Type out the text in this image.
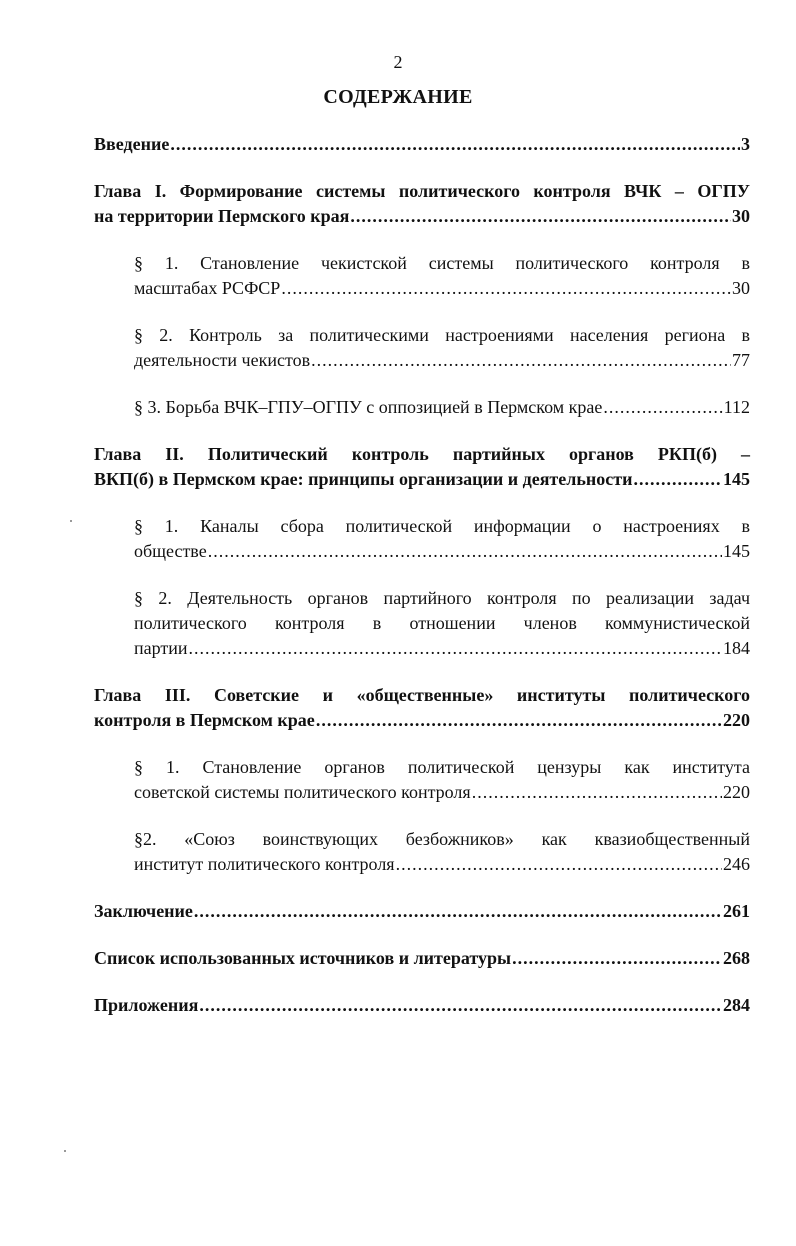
2
СОДЕРЖАНИЕ
Введение .....	3
Глава I. Формирование системы политического контроля ВЧК – ОГПУ
на территории Пермского края .....	30
§ 1. Становление чекистской системы политического контроля в
масштабах РСФСР .....	30
§ 2. Контроль за политическими настроениями населения региона в
деятельности чекистов .....	77
§ 3. Борьба ВЧК–ГПУ–ОГПУ с оппозицией в Пермском крае .....	112
Глава II. Политический контроль партийных органов РКП(б) –
ВКП(б) в Пермском крае: принципы организации и деятельности .....	145
§ 1. Каналы сбора политической информации о настроениях в
обществе .....	145
§ 2. Деятельность органов партийного контроля по реализации задач
политического контроля в отношении членов коммунистической
партии .....	184
Глава III. Советские и «общественные» институты политического
контроля в Пермском крае .....	220
§ 1. Становление органов политической цензуры как института
советской системы политического контроля .....	220
§2. «Союз воинствующих безбожников» как квазиобщественный
институт политического контроля .....	246
Заключение .....	261
Список использованных источников и литературы .....	268
Приложения .....	284
